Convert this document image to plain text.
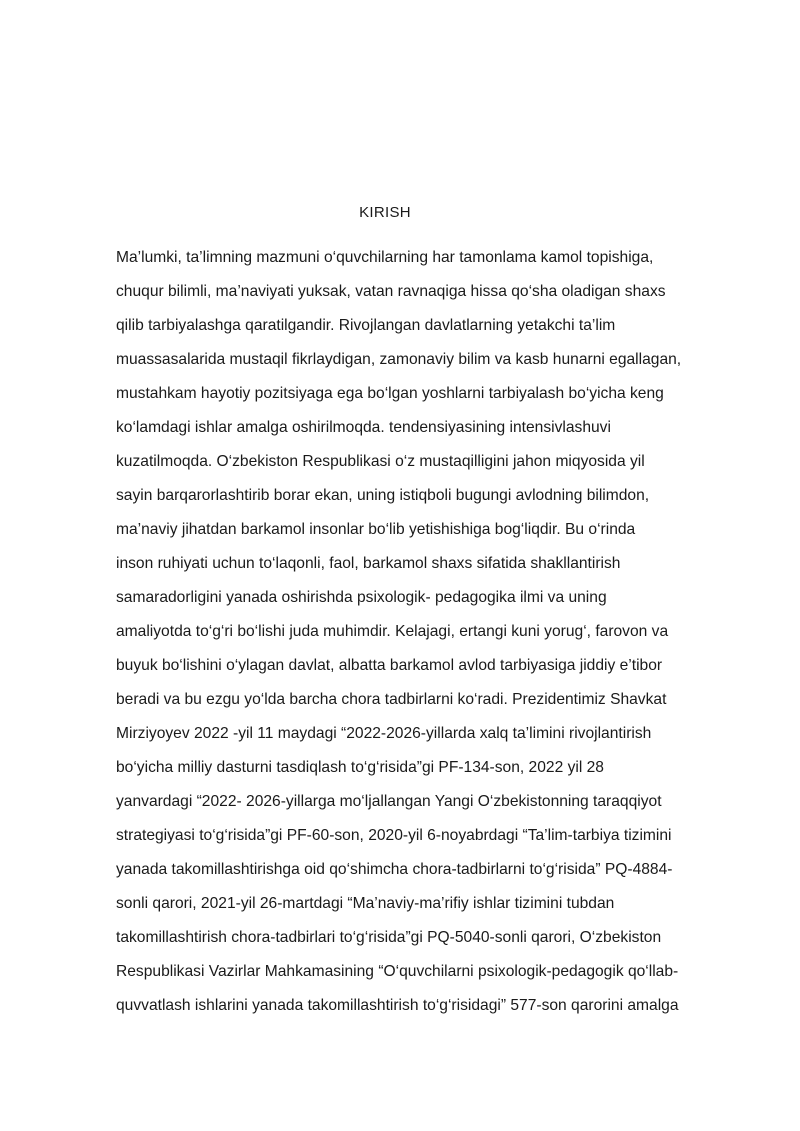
KIRISH
Ma’lumki, ta’limning mazmuni o‘quvchilarning har tamonlama kamol topishiga,
chuqur bilimli, ma’naviyati yuksak, vatan ravnaqiga hissa qo‘sha oladigan shaxs
qilib tarbiyalashga qaratilgandir. Rivojlangan davlatlarning yetakchi ta’lim
muassasalarida mustaqil fikrlaydigan, zamonaviy bilim va kasb hunarni egallagan,
mustahkam hayotiy pozitsiyaga ega bo‘lgan yoshlarni tarbiyalash bo‘yicha keng
ko‘lamdagi ishlar amalga oshirilmoqda. tendensiyasining intensivlashuvi
kuzatilmoqda. O‘zbekiston Respublikasi o‘z mustaqilligini jahon miqyosida yil
sayin barqarorlashtirib borar ekan, uning istiqboli bugungi avlodning bilimdon,
ma’naviy jihatdan barkamol insonlar bo‘lib yetishishiga bog‘liqdir. Bu o‘rinda
inson ruhiyati uchun to‘laqonli, faol, barkamol shaxs sifatida shakllantirish
samaradorligini yanada oshirishda psixologik- pedagogika ilmi va uning
amaliyotda to‘g‘ri bo‘lishi juda muhimdir. Kelajagi, ertangi kuni yorug‘, farovon va
buyuk bo‘lishini o‘ylagan davlat, albatta barkamol avlod tarbiyasiga jiddiy e’tibor
beradi va bu ezgu yo‘lda barcha chora tadbirlarni ko‘radi. Prezidentimiz Shavkat
Mirziyoyev 2022 -yil 11 maydagi “2022-2026-yillarda xalq ta’limini rivojlantirish
bo‘yicha milliy dasturni tasdiqlash to‘g‘risida”gi PF-134-son, 2022 yil 28
yanvardagi “2022- 2026-yillarga mo‘ljallangan Yangi O‘zbekistonning taraqqiyot
strategiyasi to‘g‘risida”gi PF-60-son, 2020-yil 6-noyabrdagi “Ta’lim-tarbiya tizimini
yanada takomillashtirishga oid qo‘shimcha chora-tadbirlarni to‘g‘risida” PQ-4884-
sonli qarori, 2021-yil 26-martdagi “Ma’naviy-ma’rifiy ishlar tizimini tubdan
takomillashtirish chora-tadbirlari to‘g‘risida”gi PQ-5040-sonli qarori, O‘zbekiston
Respublikasi Vazirlar Mahkamasining “O‘quvchilarni psixologik-pedagogik qo‘llab-
quvvatlash ishlarini yanada takomillashtirish to‘g‘risidagi” 577-son qarorini amalga
